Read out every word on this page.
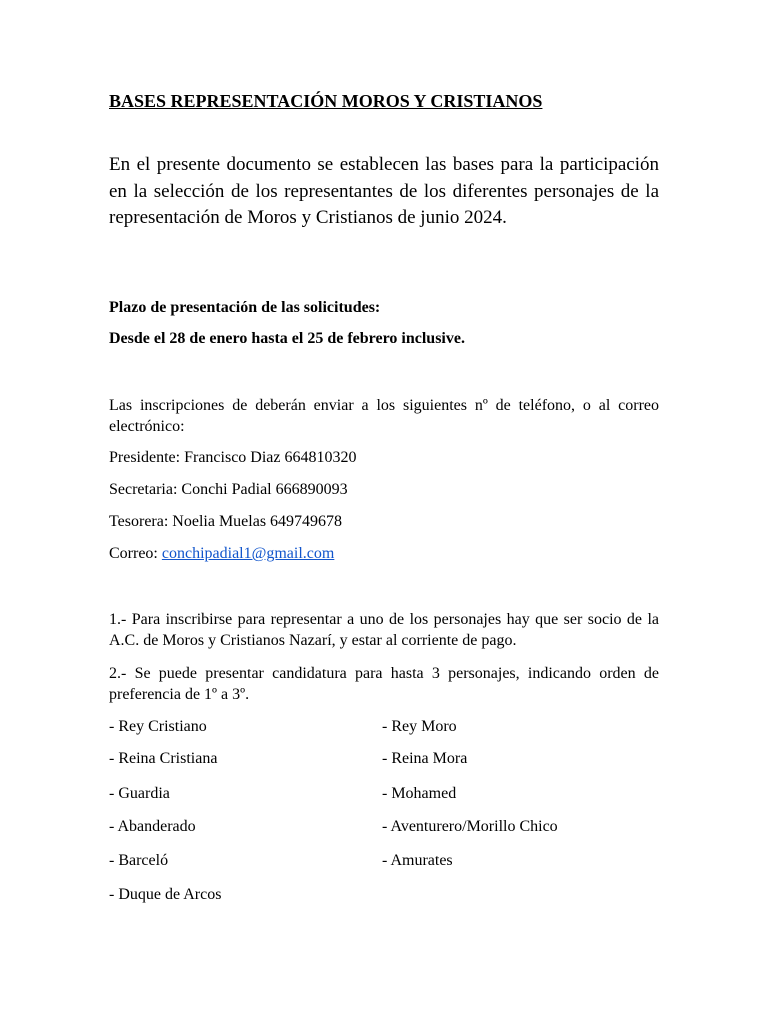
BASES REPRESENTACIÓN MOROS Y CRISTIANOS

En el presente documento se establecen las bases para la participación en la selección de los representantes de los diferentes personajes de la representación de Moros y Cristianos de junio 2024.

Plazo de presentación de las solicitudes:

Desde el 28 de enero hasta el 25 de febrero inclusive.

Las inscripciones de deberán enviar a los siguientes nº de teléfono, o al correo electrónico:

Presidente: Francisco Diaz 664810320

Secretaria: Conchi Padial 666890093

Tesorera: Noelia Muelas 649749678

Correo: conchipadial1@gmail.com

1.- Para inscribirse para representar a uno de los personajes hay que ser socio de la A.C. de Moros y Cristianos Nazarí, y estar al corriente de pago.

2.- Se puede presentar candidatura para hasta 3 personajes, indicando orden de preferencia de 1º a 3º.

- Rey Cristiano	- Rey Moro
- Reina Cristiana	- Reina Mora
- Guardia	- Mohamed
- Abanderado	- Aventurero/Morillo Chico
- Barceló	- Amurates
- Duque de Arcos
